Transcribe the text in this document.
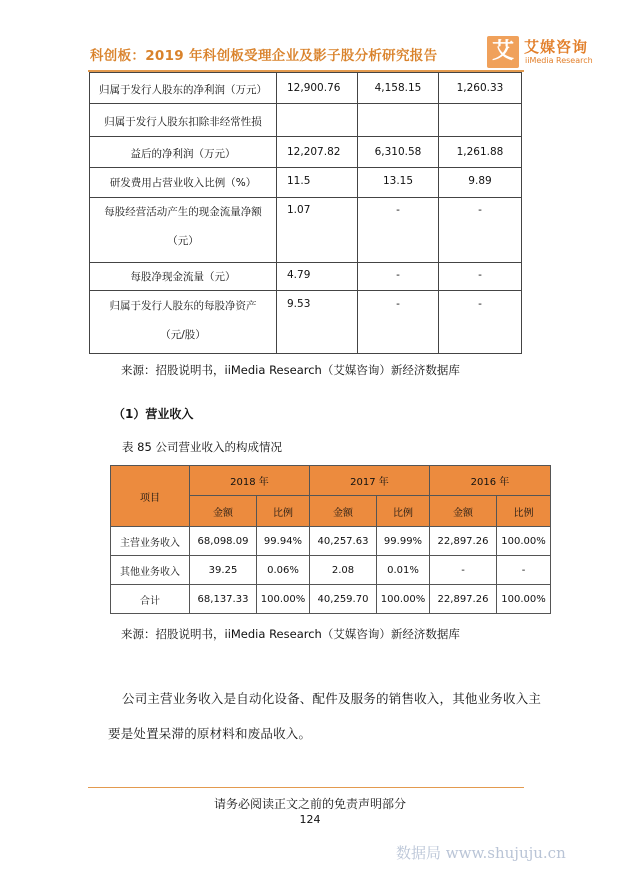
科创板：2019 年科创板受理企业及影子股分析研究报告 艾 艾媒咨询
iiMedia Research
归属于发行人股东的净利润（万元）	12,900.76	4,158.15	1,260.33

归属于发行人股东扣除非经常性损			

益后的净利润（万元）	12,207.82	6,310.58	1,261.88

研发费用占营业收入比例（%）	11.5	13.15	9.89

每股经营活动产生的现金流量净额
（元）	1.07	-	-

每股净现金流量（元）	4.79	-	-

归属于发行人股东的每股净资产
（元/股）	9.53	-	-
来源：招股说明书，iiMedia Research（艾媒咨询）新经济数据库
（1）营业收入
表 85 公司营业收入的构成情况
项目	2018 年		2017 年		2016 年	
	金额	比例	金额	比例	金额	比例
主营业务收入	68,098.09	99.94%	40,257.63	99.99%	22,897.26	100.00%
其他业务收入	39.25	0.06%	2.08	0.01%	-	-
合计	68,137.33	100.00%	40,259.70	100.00%	22,897.26	100.00%
来源：招股说明书，iiMedia Research（艾媒咨询）新经济数据库
公司主营业务收入是自动化设备、配件及服务的销售收入，其他业务收入主
要是处置呆滞的原材料和废品收入。
请务必阅读正文之前的免责声明部分
124
数据局 www.shujuju.cn
